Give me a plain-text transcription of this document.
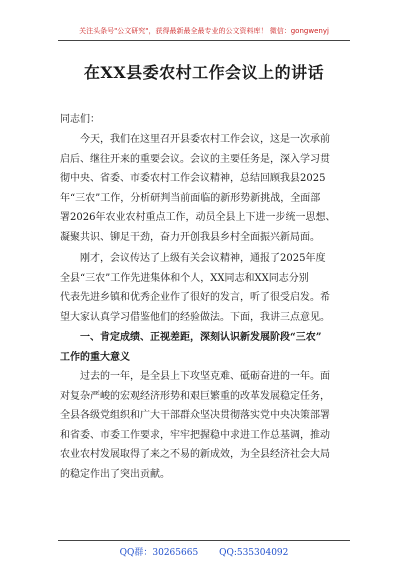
关注头条号"公文研究"，获得最新最全最专业的公文资料库！ 微信：gongwenyj
在XX县委农村工作会议上的讲话
同志们：
今天，我们在这里召开县委农村工作会议，这是一次承前
启后、继往开来的重要会议。会议的主要任务是，深入学习贯
彻中央、省委、市委农村工作会议精神，总结回顾我县2025
年“三农”工作，分析研判当前面临的新形势新挑战，全面部
署2026年农业农村重点工作，动员全县上下进一步统一思想、
凝聚共识、铆足干劲，奋力开创我县乡村全面振兴新局面。
刚才，会议传达了上级有关会议精神，通报了2025年度
全县“三农”工作先进集体和个人，XX同志和XX同志分别
代表先进乡镇和优秀企业作了很好的发言，听了很受启发。希
望大家认真学习借鉴他们的经验做法。下面，我讲三点意见。
一、肯定成绩、正视差距，深刻认识新发展阶段“三农”
工作的重大意义
过去的一年，是全县上下攻坚克难、砥砺奋进的一年。面
对复杂严峻的宏观经济形势和艰巨繁重的改革发展稳定任务，
全县各级党组织和广大干部群众坚决贯彻落实党中央决策部署
和省委、市委工作要求，牢牢把握稳中求进工作总基调，推动
农业农村发展取得了来之不易的新成效，为全县经济社会大局
的稳定作出了突出贡献。
QQ群：30265665 QQ:535304092
